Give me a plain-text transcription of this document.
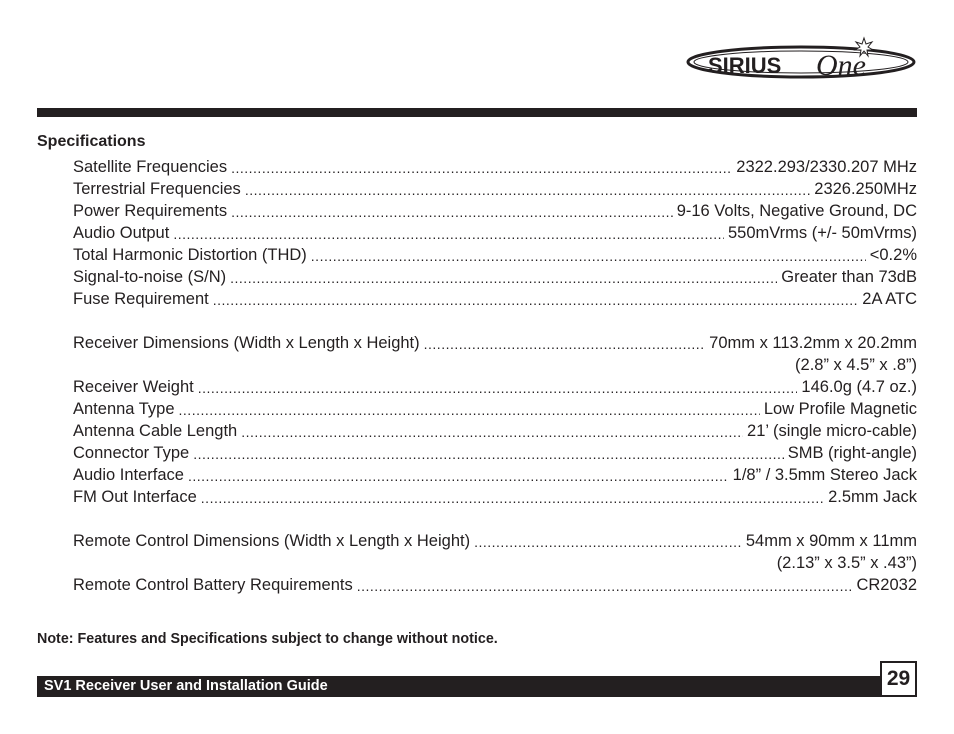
SIRIUS One
Specifications
Satellite Frequencies .....	2322.293/2330.207 MHz
Terrestrial Frequencies .....	2326.250MHz
Power Requirements .....	9-16 Volts, Negative Ground, DC
Audio Output .....	550mVrms (+/- 50mVrms)
Total Harmonic Distortion (THD) .....	<0.2%
Signal-to-noise (S/N) .....	Greater than 73dB
Fuse Requirement .....	2A ATC
Receiver Dimensions (Width x Length x Height) .....	70mm x 113.2mm x 20.2mm
(2.8” x 4.5” x .8”)
Receiver Weight .....	146.0g (4.7 oz.)
Antenna Type .....	Low Profile Magnetic
Antenna Cable Length .....	21’ (single micro-cable)
Connector Type .....	SMB (right-angle)
Audio Interface .....	1/8” / 3.5mm Stereo Jack
FM Out Interface .....	2.5mm Jack
Remote Control Dimensions (Width x Length x Height) .....	54mm x 90mm x 11mm
(2.13” x 3.5” x .43”)
Remote Control Battery Requirements .....	CR2032

Note: Features and Specifications subject to change without notice.

SV1 Receiver User and Installation Guide	29
